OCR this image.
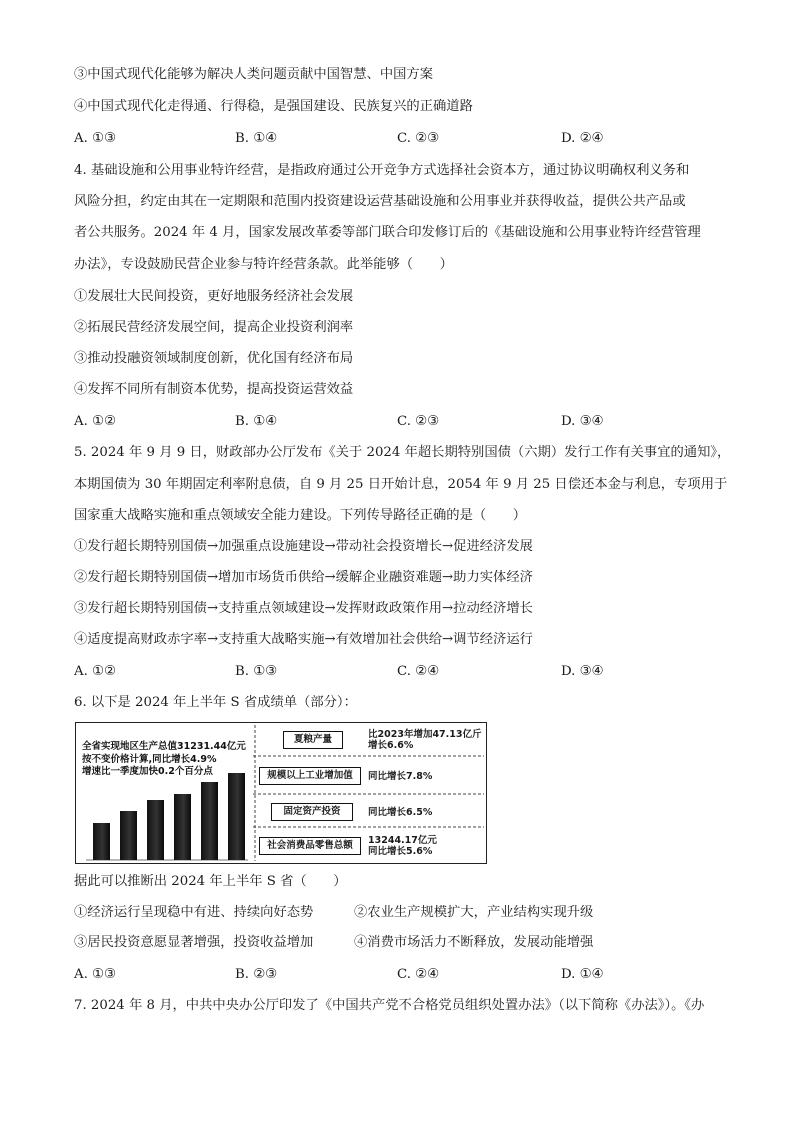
③中国式现代化能够为解决人类问题贡献中国智慧、中国方案
④中国式现代化走得通、行得稳，是强国建设、民族复兴的正确道路
A. ①③	B. ①④	C. ②③	D. ②④
4. 基础设施和公用事业特许经营，是指政府通过公开竞争方式选择社会资本方，通过协议明确权利义务和
风险分担，约定由其在一定期限和范围内投资建设运营基础设施和公用事业并获得收益，提供公共产品或
者公共服务。2024 年 4 月，国家发展改革委等部门联合印发修订后的《基础设施和公用事业特许经营管理
办法》，专设鼓励民营企业参与特许经营条款。此举能够（　　）
①发展壮大民间投资，更好地服务经济社会发展
②拓展民营经济发展空间，提高企业投资利润率
③推动投融资领域制度创新，优化国有经济布局
④发挥不同所有制资本优势，提高投资运营效益
A. ①②	B. ①④	C. ②③	D. ③④
5. 2024 年 9 月 9 日，财政部办公厅发布《关于 2024 年超长期特别国债（六期）发行工作有关事宜的通知》，
本期国债为 30 年期固定利率附息债，自 9 月 25 日开始计息，2054 年 9 月 25 日偿还本金与利息，专项用于
国家重大战略实施和重点领域安全能力建设。下列传导路径正确的是（　　）
①发行超长期特别国债→加强重点设施建设→带动社会投资增长→促进经济发展
②发行超长期特别国债→增加市场货币供给→缓解企业融资难题→助力实体经济
③发行超长期特别国债→支持重点领域建设→发挥财政政策作用→拉动经济增长
④适度提高财政赤字率→支持重大战略实施→有效增加社会供给→调节经济运行
A. ①②	B. ①③	C. ②④	D. ③④
6. 以下是 2024 年上半年 S 省成绩单（部分）：
全省实现地区生产总值31231.44亿元
按不变价格计算,同比增长4.9%
增速比一季度加快0.2个百分点
夏粮产量	比2023年增加47.13亿斤
增长6.6%
规模以上工业增加值	同比增长7.8%
固定资产投资	同比增长6.5%
社会消费品零售总额	13244.17亿元
同比增长5.6%
据此可以推断出 2024 年上半年 S 省（　　）
①经济运行呈现稳中有进、持续向好态势	②农业生产规模扩大，产业结构实现升级
③居民投资意愿显著增强，投资收益增加	④消费市场活力不断释放，发展动能增强
A. ①③	B. ②③	C. ②④	D. ①④
7. 2024 年 8 月，中共中央办公厅印发了《中国共产党不合格党员组织处置办法》（以下简称《办法》）。《办
